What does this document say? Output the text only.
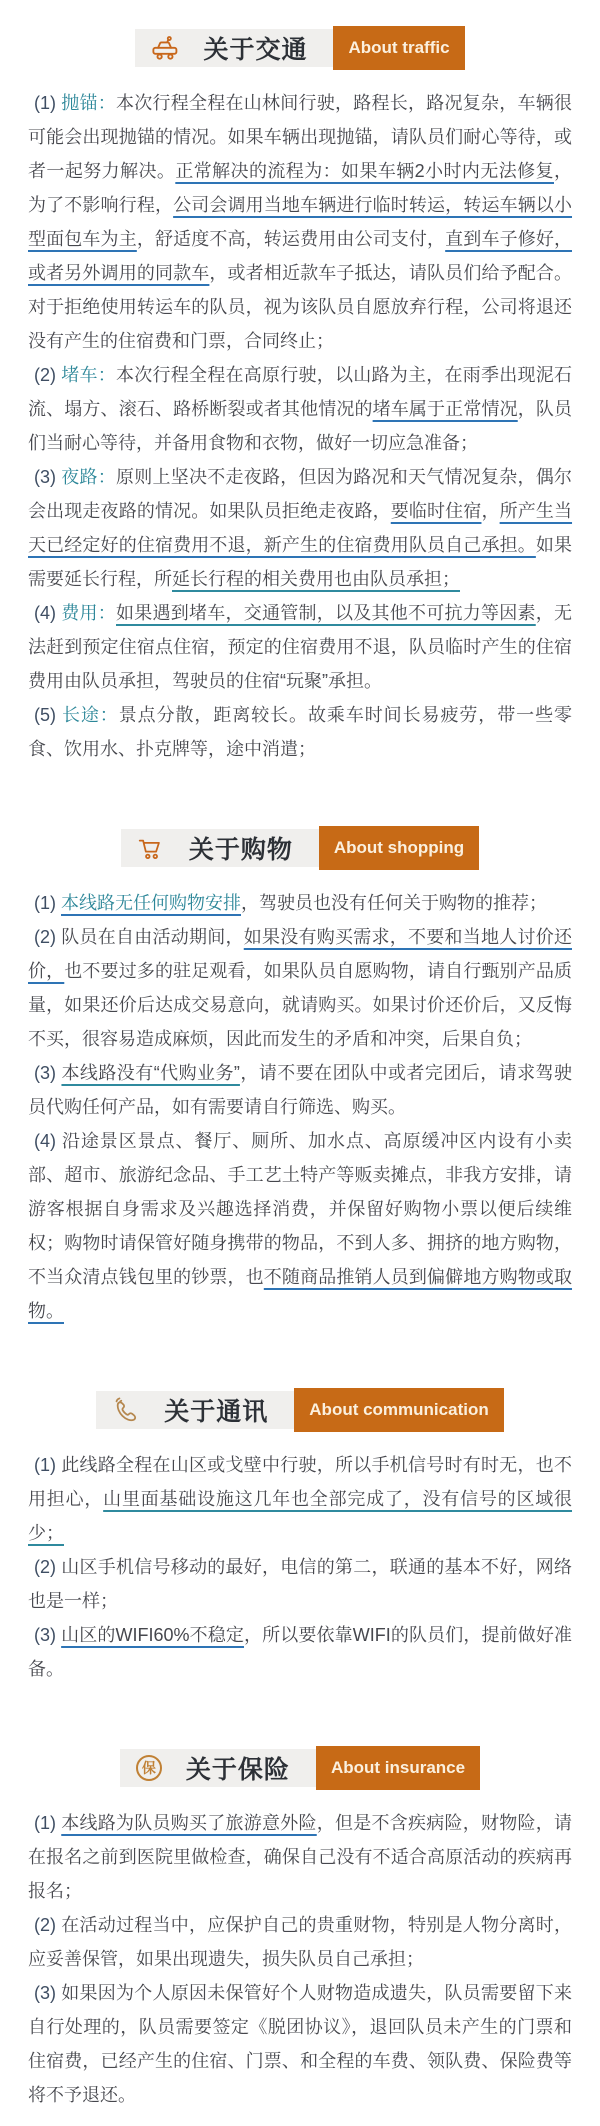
关于交通	About traffic

(1) 抛锚：本次行程全程在山林间行驶，路程长，路况复杂，车辆很可能会出现抛锚的情况。如果车辆出现抛锚，请队员们耐心等待，或者一起努力解决。正常解决的流程为：如果车辆2小时内无法修复，为了不影响行程，公司会调用当地车辆进行临时转运，转运车辆以小型面包车为主，舒适度不高，转运费用由公司支付，直到车子修好，或者另外调用的同款车，或者相近款车子抵达，请队员们给予配合。对于拒绝使用转运车的队员，视为该队员自愿放弃行程，公司将退还没有产生的住宿费和门票，合同终止；

(2) 堵车：本次行程全程在高原行驶，以山路为主，在雨季出现泥石流、塌方、滚石、路桥断裂或者其他情况的堵车属于正常情况，队员们当耐心等待，并备用食物和衣物，做好一切应急准备；

(3) 夜路：原则上坚决不走夜路，但因为路况和天气情况复杂，偶尔会出现走夜路的情况。如果队员拒绝走夜路，要临时住宿，所产生当天已经定好的住宿费用不退，新产生的住宿费用队员自己承担。如果需要延长行程，所延长行程的相关费用也由队员承担；

(4) 费用：如果遇到堵车，交通管制，以及其他不可抗力等因素，无法赶到预定住宿点住宿，预定的住宿费用不退，队员临时产生的住宿费用由队员承担，驾驶员的住宿“玩聚”承担。

(5) 长途：景点分散，距离较长。故乘车时间长易疲劳，带一些零食、饮用水、扑克牌等，途中消遣；

关于购物	About shopping

(1) 本线路无任何购物安排，驾驶员也没有任何关于购物的推荐；

(2) 队员在自由活动期间，如果没有购买需求，不要和当地人讨价还价，也不要过多的驻足观看，如果队员自愿购物，请自行甄别产品质量，如果还价后达成交易意向，就请购买。如果讨价还价后，又反悔不买，很容易造成麻烦，因此而发生的矛盾和冲突，后果自负；

(3) 本线路没有“代购业务”，请不要在团队中或者完团后，请求驾驶员代购任何产品，如有需要请自行筛选、购买。

(4) 沿途景区景点、餐厅、厕所、加水点、高原缓冲区内设有小卖部、超市、旅游纪念品、手工艺土特产等贩卖摊点，非我方安排，请游客根据自身需求及兴趣选择消费，并保留好购物小票以便后续维权；购物时请保管好随身携带的物品，不到人多、拥挤的地方购物，不当众清点钱包里的钞票，也不随商品推销人员到偏僻地方购物或取物。

关于通讯	About communication

(1) 此线路全程在山区或戈壁中行驶，所以手机信号时有时无，也不用担心，山里面基础设施这几年也全部完成了，没有信号的区域很少；

(2) 山区手机信号移动的最好，电信的第二，联通的基本不好，网络也是一样；

(3) 山区的WIFI60%不稳定，所以要依靠WIFI的队员们，提前做好准备。

保 关于保险	About insurance

(1) 本线路为队员购买了旅游意外险，但是不含疾病险，财物险，请在报名之前到医院里做检查，确保自己没有不适合高原活动的疾病再报名；

(2) 在活动过程当中，应保护自己的贵重财物，特别是人物分离时，应妥善保管，如果出现遗失，损失队员自己承担；

(3) 如果因为个人原因未保管好个人财物造成遗失，队员需要留下来自行处理的，队员需要签定《脱团协议》，退回队员未产生的门票和住宿费，已经产生的住宿、门票、和全程的车费、领队费、保险费等将不予退还。
